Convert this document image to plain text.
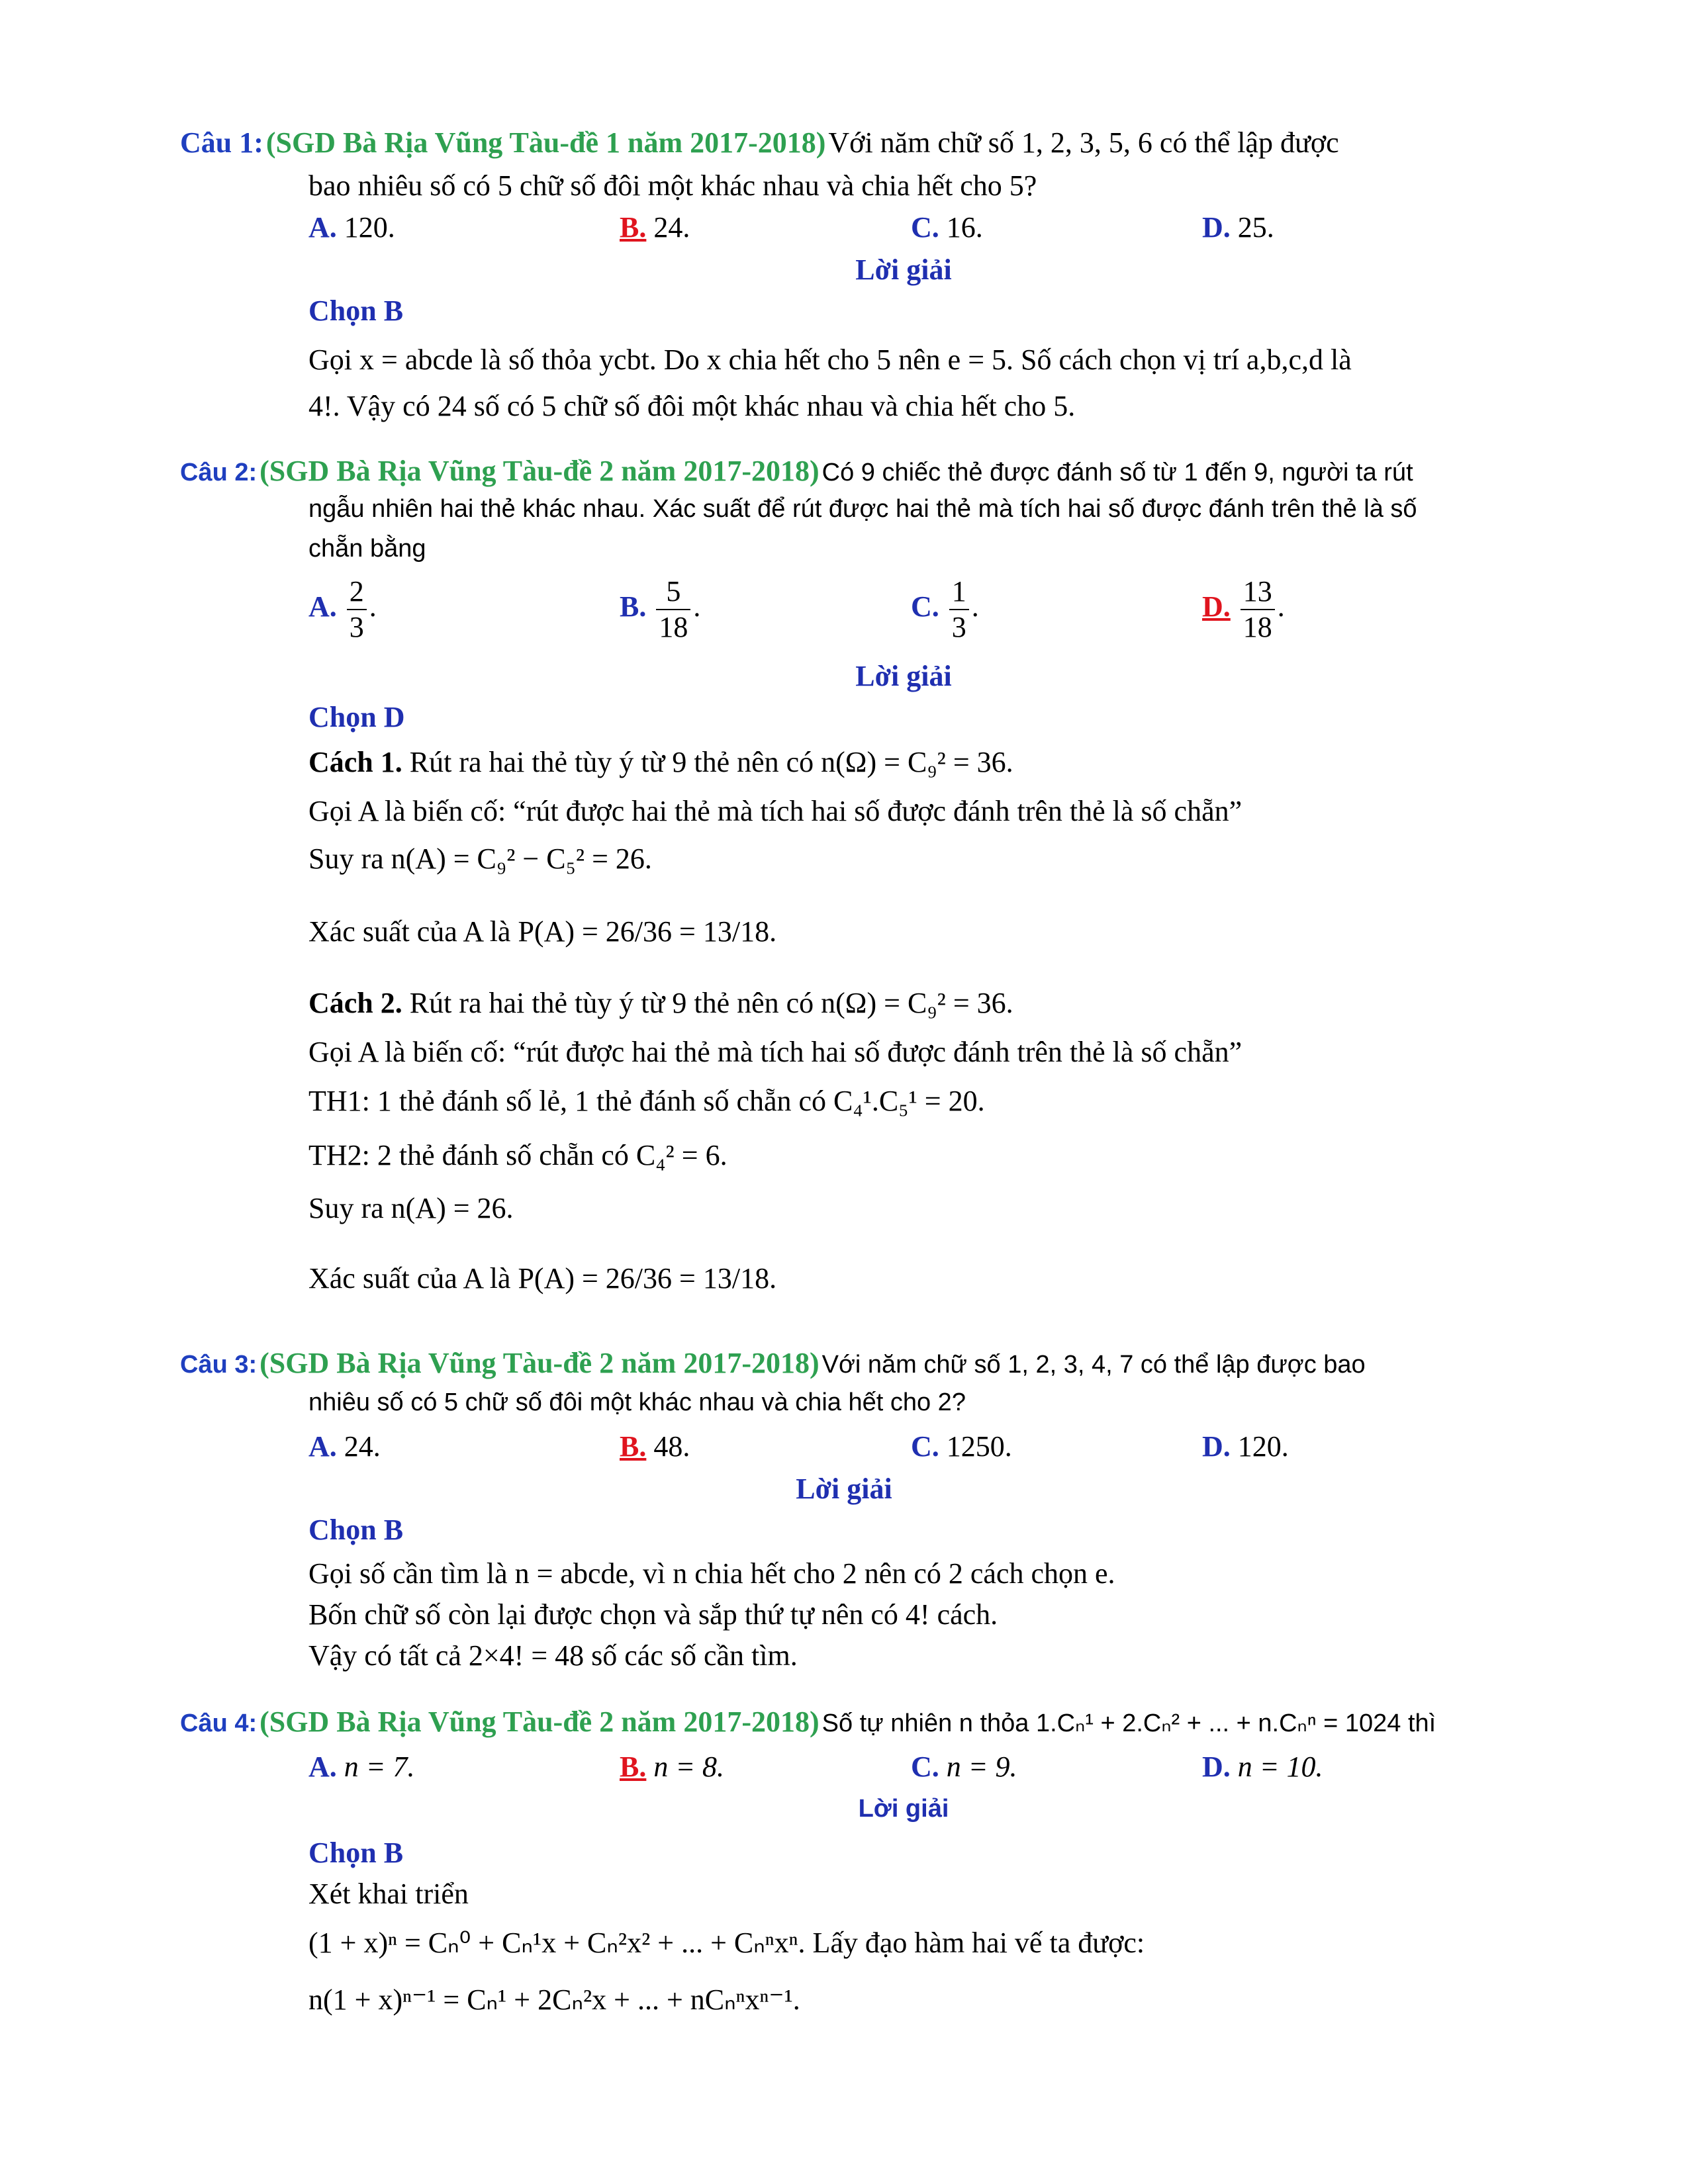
Câu 1: (SGD Bà Rịa Vũng Tàu-đề 1 năm 2017-2018) Với năm chữ số 1, 2, 3, 5, 6 có thể lập được
bao nhiêu số có 5 chữ số đôi một khác nhau và chia hết cho 5?
A. 120.	B. 24.	C. 16.	D. 25.
Lời giải
Chọn B
Gọi x = abcde là số thỏa ycbt. Do x chia hết cho 5 nên e = 5. Số cách chọn vị trí a,b,c,d là
4!. Vậy có 24 số có 5 chữ số đôi một khác nhau và chia hết cho 5.
Câu 2: (SGD Bà Rịa Vũng Tàu-đề 2 năm 2017-2018) Có 9 chiếc thẻ được đánh số từ 1 đến 9, người ta rút
ngẫu nhiên hai thẻ khác nhau. Xác suất để rút được hai thẻ mà tích hai số được đánh trên thẻ là số
chẵn bằng
A. $\frac{2}{3}$ .	B. $\frac{5}{18}$ .	C. $\frac{1}{3}$ .	D. $\frac{13}{18}$ .
Lời giải
Chọn D
Cách 1. Rút ra hai thẻ tùy ý từ 9 thẻ nên có n(Ω) = C₉² = 36.
Gọi A là biến cố: “rút được hai thẻ mà tích hai số được đánh trên thẻ là số chẵn”
Suy ra n(A) = C₉² − C₅² = 26.
Xác suất của A là P(A) = 26/36 = 13/18.
Cách 2. Rút ra hai thẻ tùy ý từ 9 thẻ nên có n(Ω) = C₉² = 36.
Gọi A là biến cố: “rút được hai thẻ mà tích hai số được đánh trên thẻ là số chẵn”
TH1: 1 thẻ đánh số lẻ, 1 thẻ đánh số chẵn có C₄¹.C₅¹ = 20.
TH2: 2 thẻ đánh số chẵn có C₄² = 6.
Suy ra n(A) = 26.
Xác suất của A là P(A) = 26/36 = 13/18.
Câu 3: (SGD Bà Rịa Vũng Tàu-đề 2 năm 2017-2018) Với năm chữ số 1, 2, 3, 4, 7 có thể lập được bao
nhiêu số có 5 chữ số đôi một khác nhau và chia hết cho 2?
A. 24.	B. 48.	C. 1250.	D. 120.
Lời giải
Chọn B
Gọi số cần tìm là n = abcde, vì n chia hết cho 2 nên có 2 cách chọn e.
Bốn chữ số còn lại được chọn và sắp thứ tự nên có 4! cách.
Vậy có tất cả 2×4! = 48 số các số cần tìm.
Câu 4: (SGD Bà Rịa Vũng Tàu-đề 2 năm 2017-2018) Số tự nhiên n thỏa 1.Cₙ¹ + 2.Cₙ² + ... + n.Cₙⁿ = 1024 thì
A. n = 7.	B. n = 8.	C. n = 9.	D. n = 10.
Lời giải
Chọn B
Xét khai triển
(1 + x)ⁿ = Cₙ⁰ + Cₙ¹x + Cₙ²x² + ... + Cₙⁿxⁿ. Lấy đạo hàm hai vế ta được:
n(1 + x)ⁿ⁻¹ = Cₙ¹ + 2Cₙ²x + ... + nCₙⁿxⁿ⁻¹.
